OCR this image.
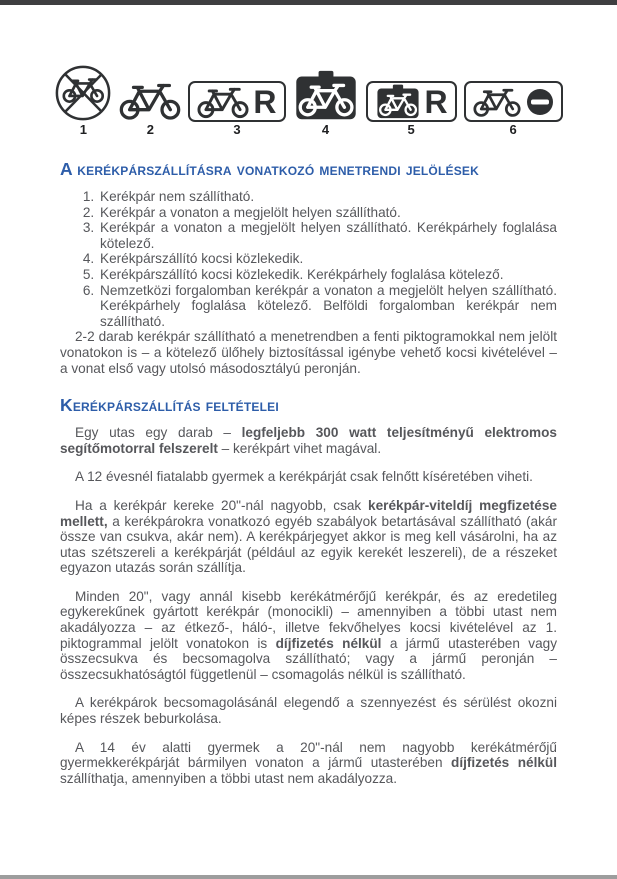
1	2
R
3	4
R
5	6
A kerékpárszállításra vonatkozó menetrendi jelölések
1. Kerékpár nem szállítható.
2. Kerékpár a vonaton a megjelölt helyen szállítható.
3. Kerékpár a vonaton a megjelölt helyen szállítható. Kerékpárhely foglalása kötelező.
4. Kerékpárszállító kocsi közlekedik.
5. Kerékpárszállító kocsi közlekedik. Kerékpárhely foglalása kötelező.
6. Nemzetközi forgalomban kerékpár a vonaton a megjelölt helyen szállítható. Kerékpárhely foglalása kötelező. Belföldi forgalomban kerékpár nem szállítható.

2-2 darab kerékpár szállítható a menetrendben a fenti piktogramokkal nem jelölt vonatokon is – a kötelező ülőhely biztosítással igénybe vehető kocsi kivételével – a vonat első vagy utolsó másodosztályú peronján.

Kerékpárszállítás feltételei

Egy utas egy darab – legfeljebb 300 watt teljesítményű elektromos segítőmotorral felszerelt – kerékpárt vihet magával.

A 12 évesnél fiatalabb gyermek a kerékpárját csak felnőtt kíséretében viheti.

Ha a kerékpár kereke 20"-nál nagyobb, csak kerékpár-viteldíj megfizetése mellett, a kerékpárokra vonatkozó egyéb szabályok betartásával szállítható (akár össze van csukva, akár nem). A kerékpárjegyet akkor is meg kell vásárolni, ha az utas szétszereli a kerékpárját (például az egyik kerekét leszereli), de a részeket egyazon utazás során szállítja.

Minden 20", vagy annál kisebb kerékátmérőjű kerékpár, és az eredetileg egykerekűnek gyártott kerékpár (monocikli) – amennyiben a többi utast nem akadályozza – az étkező-, háló-, illetve fekvőhelyes kocsi kivételével az 1. piktogrammal jelölt vonatokon is díjfizetés nélkül a jármű utasterében vagy összecsukva és becsomagolva szállítható; vagy a jármű peronján – összecsukhatóságtól függetlenül – csomagolás nélkül is szállítható.

A kerékpárok becsomagolásánál elegendő a szennyezést és sérülést okozni képes részek beburkolása.

A 14 év alatti gyermek a 20"-nál nem nagyobb kerékátmérőjű gyermekkerékpárját bármilyen vonaton a jármű utasterében díjfizetés nélkül szállíthatja, amennyiben a többi utast nem akadályozza.
